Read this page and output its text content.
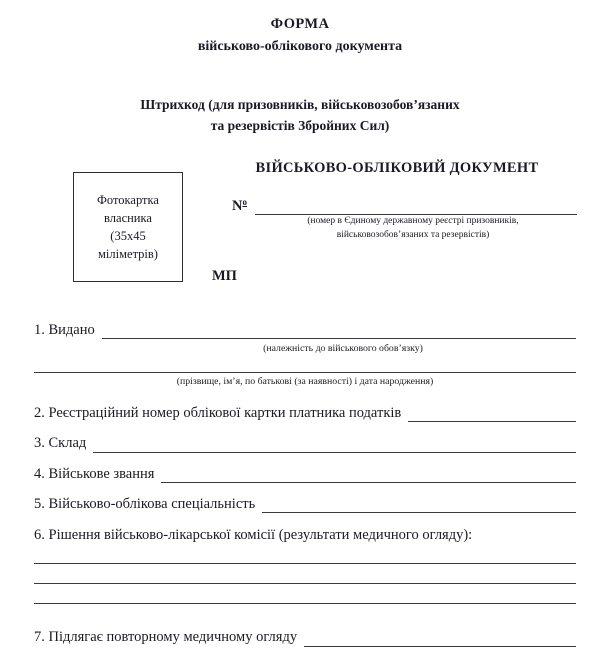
ФОРМА
військово-облікового документа
Штрихкод (для призовників, військовозобов’язаних
та резервістів Збройних Сил)
ВІЙСЬКОВО-ОБЛІКОВИЙ ДОКУМЕНТ
Фотокартка
власника
(35х45
міліметрів)
$N^o$
(номер в Єдиному державному реєстрі призовників,
військовозобов’язаних та резервістів)
МП
1. Видано
(належність до військового обов’язку)
(прізвище, ім’я, по батькові (за наявності) і дата народження)
2. Реєстраційний номер облікової картки платника податків
3. Склад
4. Військове звання
5. Військово-облікова спеціальність
6. Рішення військово-лікарської комісії (результати медичного огляду):
7. Підлягає повторному медичному огляду
